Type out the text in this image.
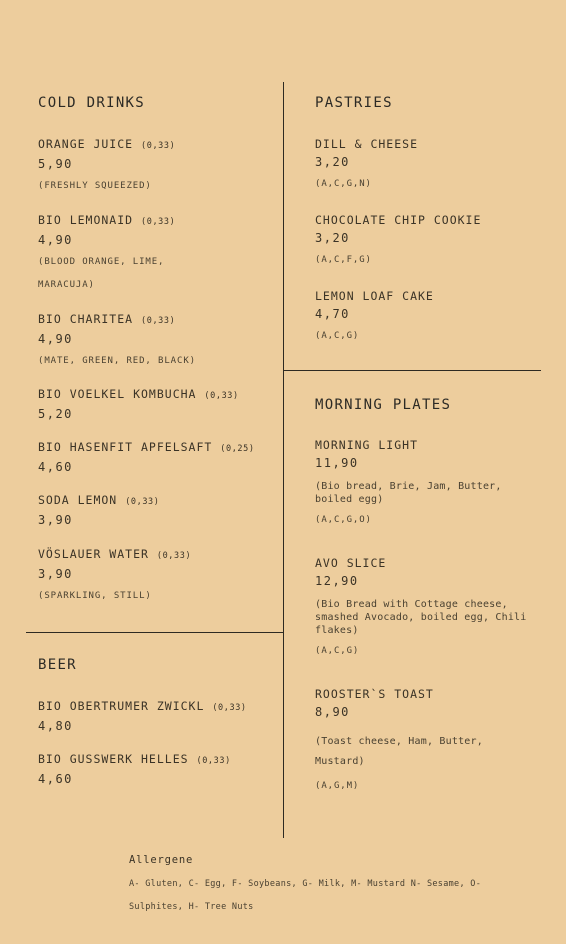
COLD DRINKS
ORANGE JUICE (0,33)
5,90
(FRESHLY SQUEEZED)
BIO LEMONAID (0,33)
4,90
(BLOOD ORANGE, LIME, MARACUJA)
BIO CHARITEA (0,33)
4,90
(MATE, GREEN, RED, BLACK)
BIO VOELKEL KOMBUCHA (0,33)
5,20
BIO HASENFIT APFELSAFT (0,25)
4,60
SODA LEMON (0,33)
3,90
VÖSLAUER WATER (0,33)
3,90
(SPARKLING, STILL)
BEER
BIO OBERTRUMER ZWICKL (0,33)
4,80
BIO GUSSWERK HELLES (0,33)
4,60
PASTRIES
DILL & CHEESE
3,20
(A,C,G,N)
CHOCOLATE CHIP COOKIE
3,20
(A,C,F,G)
LEMON LOAF CAKE
4,70
(A,C,G)
MORNING PLATES
MORNING LIGHT
11,90
(Bio bread, Brie, Jam, Butter, boiled egg)
(A,C,G,O)
AVO SLICE
12,90
(Bio Bread with Cottage cheese, smashed Avocado, boiled egg, Chili flakes)
(A,C,G)
ROOSTER`S TOAST
8,90
(Toast cheese, Ham, Butter, Mustard)
(A,G,M)
Allergene
A- Gluten, C- Egg, F- Soybeans, G- Milk, M- Mustard N- Sesame, O- Sulphites, H- Tree Nuts
